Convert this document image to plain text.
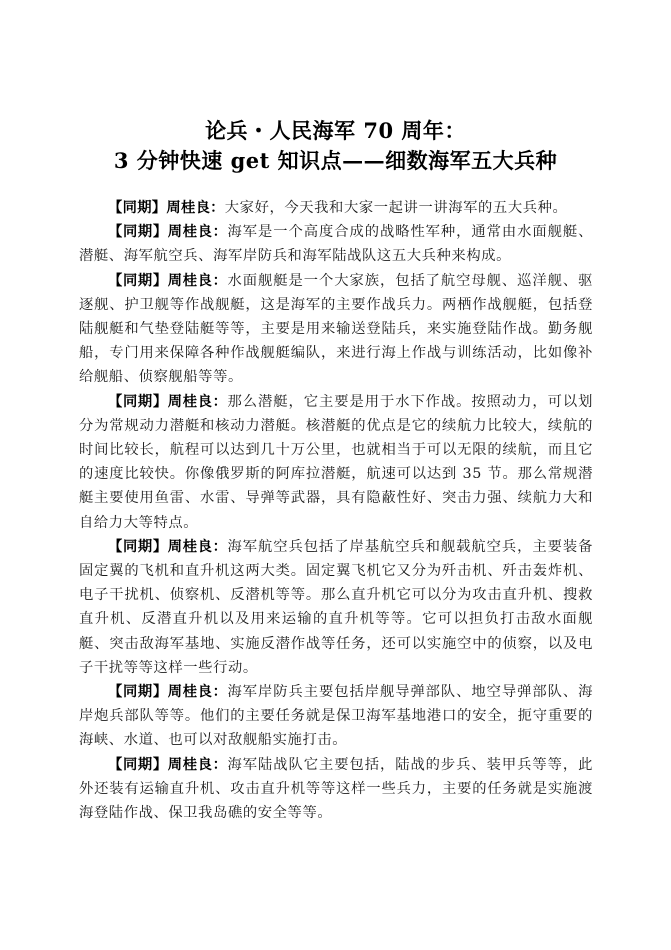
论兵・人民海军 70 周年：
3 分钟快速 get 知识点——细数海军五大兵种

【同期】周桂良：大家好，今天我和大家一起讲一讲海军的五大兵种。

【同期】周桂良：海军是一个高度合成的战略性军种，通常由水面舰艇、潜艇、海军航空兵、海军岸防兵和海军陆战队这五大兵种来构成。

【同期】周桂良：水面舰艇是一个大家族，包括了航空母舰、巡洋舰、驱逐舰、护卫舰等作战舰艇，这是海军的主要作战兵力。两栖作战舰艇，包括登陆舰艇和气垫登陆艇等等，主要是用来输送登陆兵，来实施登陆作战。勤务舰船，专门用来保障各种作战舰艇编队，来进行海上作战与训练活动，比如像补给舰船、侦察舰船等等。

【同期】周桂良：那么潜艇，它主要是用于水下作战。按照动力，可以划分为常规动力潜艇和核动力潜艇。核潜艇的优点是它的续航力比较大，续航的时间比较长，航程可以达到几十万公里，也就相当于可以无限的续航，而且它的速度比较快。你像俄罗斯的阿库拉潜艇，航速可以达到 35 节。那么常规潜艇主要使用鱼雷、水雷、导弹等武器，具有隐蔽性好、突击力强、续航力大和自给力大等特点。

【同期】周桂良：海军航空兵包括了岸基航空兵和舰载航空兵，主要装备固定翼的飞机和直升机这两大类。固定翼飞机它又分为歼击机、歼击轰炸机、电子干扰机、侦察机、反潜机等等。那么直升机它可以分为攻击直升机、搜救直升机、反潜直升机以及用来运输的直升机等等。它可以担负打击敌水面舰艇、突击敌海军基地、实施反潜作战等任务，还可以实施空中的侦察，以及电子干扰等等这样一些行动。

【同期】周桂良：海军岸防兵主要包括岸舰导弹部队、地空导弹部队、海岸炮兵部队等等。他们的主要任务就是保卫海军基地港口的安全，扼守重要的海峡、水道、也可以对敌舰船实施打击。

【同期】周桂良：海军陆战队它主要包括，陆战的步兵、装甲兵等等，此外还装有运输直升机、攻击直升机等等这样一些兵力，主要的任务就是实施渡海登陆作战、保卫我岛礁的安全等等。
